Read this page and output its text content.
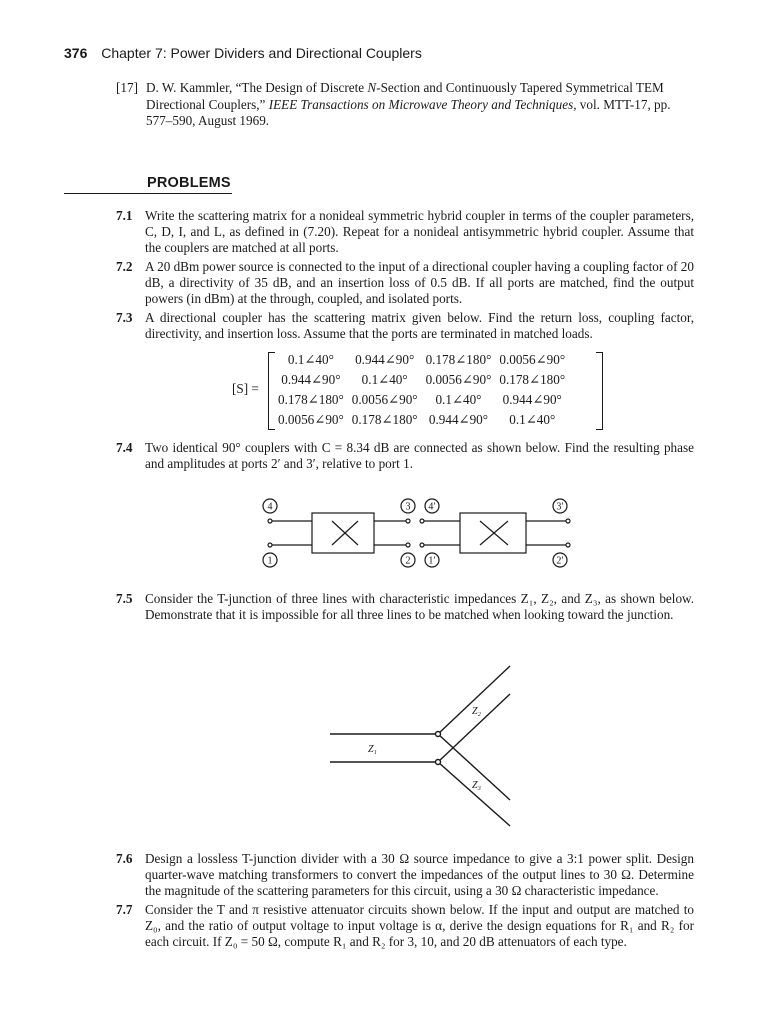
376 Chapter 7: Power Dividers and Directional Couplers
[17] D. W. Kammler, “The Design of Discrete N-Section and Continuously Tapered Symmetrical TEM
Directional Couplers,” IEEE Transactions on Microwave Theory and Techniques, vol. MTT-17, pp.
577–590, August 1969.
PROBLEMS
7.1 Write the scattering matrix for a nonideal symmetric hybrid coupler in terms of the coupler parameters, C, D, I, and L, as defined in (7.20). Repeat for a nonideal antisymmetric hybrid coupler. Assume that the couplers are matched at all ports.
7.2 A 20 dBm power source is connected to the input of a directional coupler having a coupling factor of 20 dB, a directivity of 35 dB, and an insertion loss of 0.5 dB. If all ports are matched, find the output powers (in dBm) at the through, coupled, and isolated ports.
7.3 A directional coupler has the scattering matrix given below. Find the return loss, coupling factor, directivity, and insertion loss. Assume that the ports are terminated in matched loads.
[S] =
0.1∠40°	0.944∠90°	0.178∠180°	0.0056∠90°
0.944∠90°	0.1∠40°	0.0056∠90°	0.178∠180°
0.178∠180°	0.0056∠90°	0.1∠40°	0.944∠90°
0.0056∠90°	0.178∠180°	0.944∠90°	0.1∠40°
7.4 Two identical 90° couplers with C = 8.34 dB are connected as shown below. Find the resulting phase and amplitudes at ports 2′ and 3′, relative to port 1.
4
1
3 4′
2 1′
3′
2′
7.5 Consider the T-junction of three lines with characteristic impedances Z₁, Z₂, and Z₃, as shown below. Demonstrate that it is impossible for all three lines to be matched when looking toward the junction.
Z₁
Z₂
Z₃
7.6 Design a lossless T-junction divider with a 30 Ω source impedance to give a 3:1 power split. Design quarter-wave matching transformers to convert the impedances of the output lines to 30 Ω. Determine the magnitude of the scattering parameters for this circuit, using a 30 Ω characteristic impedance.
7.7 Consider the T and π resistive attenuator circuits shown below. If the input and output are matched to Z₀, and the ratio of output voltage to input voltage is α, derive the design equations for R₁ and R₂ for each circuit. If Z₀ = 50 Ω, compute R₁ and R₂ for 3, 10, and 20 dB attenuators of each type.
